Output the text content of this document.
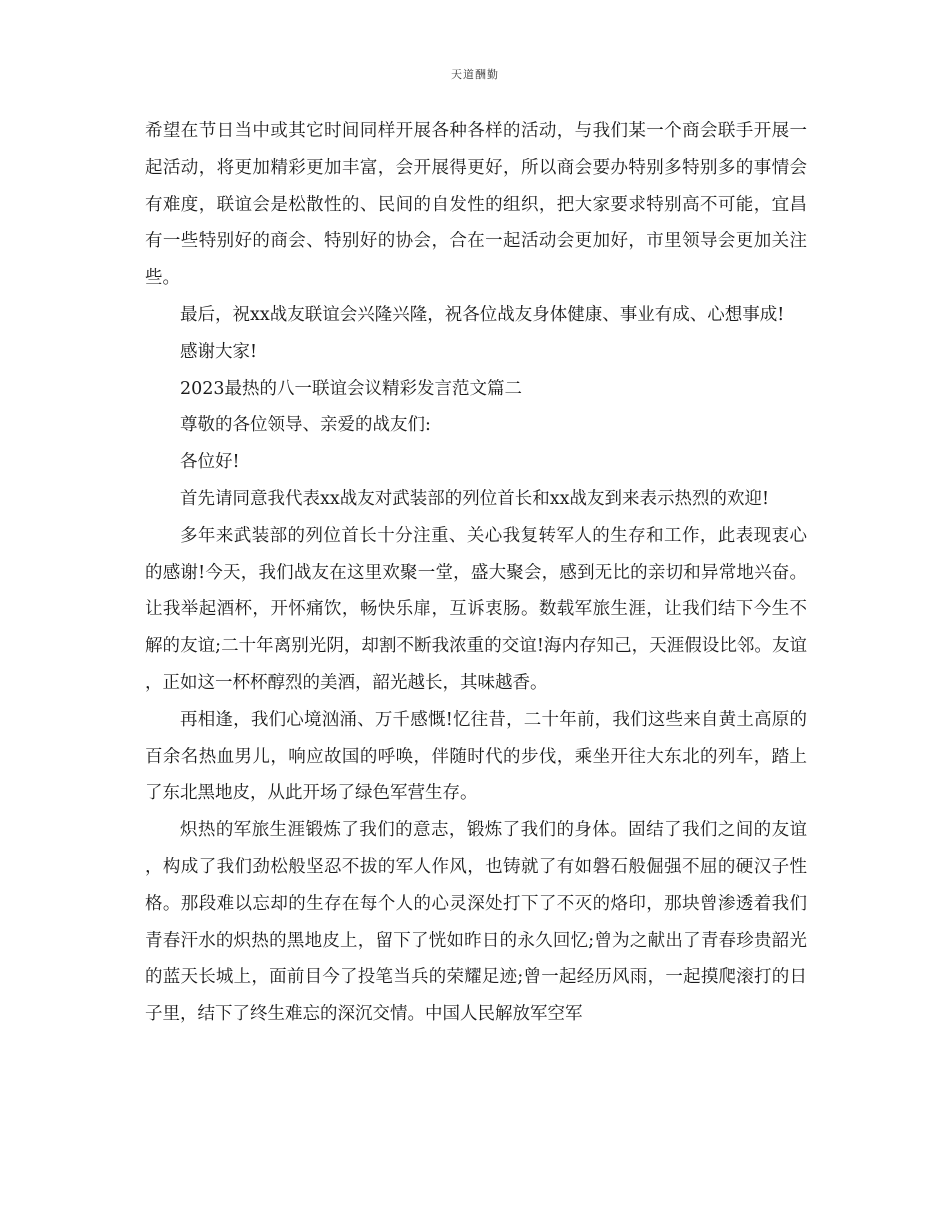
天道酬勤

希望在节日当中或其它时间同样开展各种各样的活动，与我们某一个商会联手开展一起活动，将更加精彩更加丰富，会开展得更好，所以商会要办特别多特别多的事情会有难度，联谊会是松散性的、民间的自发性的组织，把大家要求特别高不可能，宜昌有一些特别好的商会、特别好的协会，合在一起活动会更加好，市里领导会更加关注些。

最后，祝xx战友联谊会兴隆兴隆，祝各位战友身体健康、事业有成、心想事成!

感谢大家!

2023最热的八一联谊会议精彩发言范文篇二

尊敬的各位领导、亲爱的战友们:

各位好!

首先请同意我代表xx战友对武装部的列位首长和xx战友到来表示热烈的欢迎!

多年来武装部的列位首长十分注重、关心我复转军人的生存和工作，此表现衷心的感谢!今天，我们战友在这里欢聚一堂，盛大聚会，感到无比的亲切和异常地兴奋。让我举起酒杯，开怀痛饮，畅快乐扉，互诉衷肠。数载军旅生涯，让我们结下今生不解的友谊;二十年离别光阴，却割不断我浓重的交谊!海内存知己，天涯假设比邻。友谊，正如这一杯杯醇烈的美酒，韶光越长，其味越香。

再相逢，我们心境汹涌、万千感慨!忆往昔，二十年前，我们这些来自黄土高原的百余名热血男儿，响应故国的呼唤，伴随时代的步伐，乘坐开往大东北的列车，踏上了东北黑地皮，从此开场了绿色军营生存。

炽热的军旅生涯锻炼了我们的意志，锻炼了我们的身体。固结了我们之间的友谊，构成了我们劲松般坚忍不拔的军人作风，也铸就了有如磐石般倔强不屈的硬汉子性格。那段难以忘却的生存在每个人的心灵深处打下了不灭的烙印，那块曾渗透着我们青春汗水的炽热的黑地皮上，留下了恍如昨日的永久回忆;曾为之献出了青春珍贵韶光的蓝天长城上，面前目今了投笔当兵的荣耀足迹;曾一起经历风雨，一起摸爬滚打的日子里，结下了终生难忘的深沉交情。中国人民解放军空军
